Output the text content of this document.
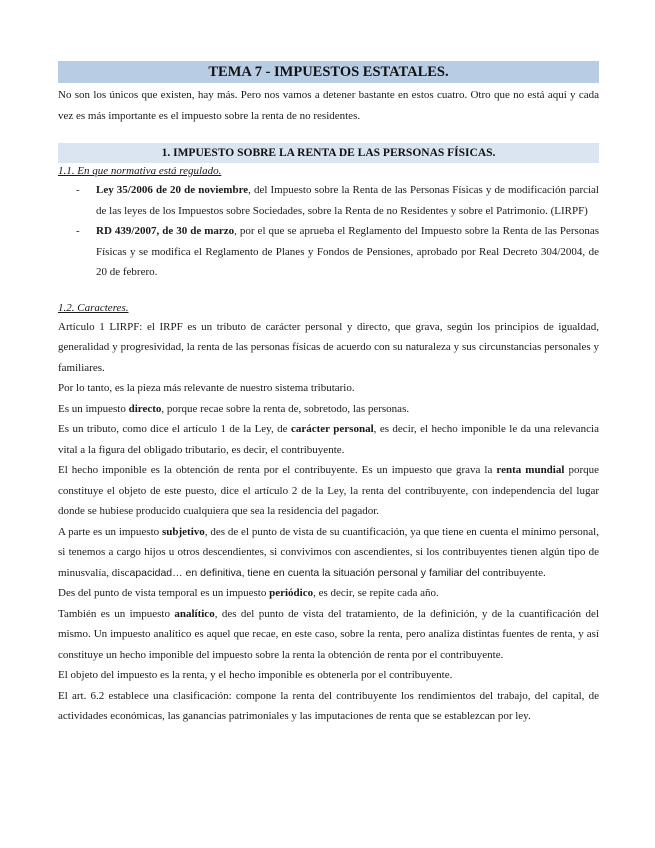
TEMA 7 - IMPUESTOS ESTATALES.

No son los únicos que existen, hay más. Pero nos vamos a detener bastante en estos cuatro. Otro que no está aquí y cada vez es más importante es el impuesto sobre la renta de no residentes.

1. IMPUESTO SOBRE LA RENTA DE LAS PERSONAS FÍSICAS.
1.1. En que normativa está regulado.
- Ley 35/2006 de 20 de noviembre, del Impuesto sobre la Renta de las Personas Físicas y de modificación parcial de las leyes de los Impuestos sobre Sociedades, sobre la Renta de no Residentes y sobre el Patrimonio. (LIRPF)
- RD 439/2007, de 30 de marzo, por el que se aprueba el Reglamento del Impuesto sobre la Renta de las Personas Físicas y se modifica el Reglamento de Planes y Fondos de Pensiones, aprobado por Real Decreto 304/2004, de 20 de febrero.
1.2. Caracteres.

Artículo 1 LIRPF: el IRPF es un tributo de carácter personal y directo, que grava, según los principios de igualdad, generalidad y progresividad, la renta de las personas físicas de acuerdo con su naturaleza y sus circunstancias personales y familiares.

Por lo tanto, es la pieza más relevante de nuestro sistema tributario.

Es un impuesto directo, porque recae sobre la renta de, sobretodo, las personas.

Es un tributo, como dice el artículo 1 de la Ley, de carácter personal, es decir, el hecho imponible le da una relevancia vital a la figura del obligado tributario, es decir, el contribuyente.

El hecho imponible es la obtención de renta por el contribuyente. Es un impuesto que grava la renta mundial porque constituye el objeto de este puesto, dice el artículo 2 de la Ley, la renta del contribuyente, con independencia del lugar donde se hubiese producido cualquiera que sea la residencia del pagador.

A parte es un impuesto subjetivo, des de el punto de vista de su cuantificación, ya que tiene en cuenta el mínimo personal, si tenemos a cargo hijos u otros descendientes, si convivimos con ascendientes, si los contribuyentes tienen algún tipo de minusvalía, discapacidad… en definitiva, tiene en cuenta la situación personal y familiar del contribuyente.

Des del punto de vista temporal es un impuesto periódico, es decir, se repite cada año.

También es un impuesto analítico, des del punto de vista del tratamiento, de la definición, y de la cuantificación del mismo. Un impuesto analítico es aquel que recae, en este caso, sobre la renta, pero analiza distintas fuentes de renta, y así constituye un hecho imponible del impuesto sobre la renta la obtención de renta por el contribuyente.

El objeto del impuesto es la renta, y el hecho imponible es obtenerla por el contribuyente.

El art. 6.2 establece una clasificación: compone la renta del contribuyente los rendimientos del trabajo, del capital, de actividades económicas, las ganancias patrimoniales y las imputaciones de renta que se establezcan por ley.
